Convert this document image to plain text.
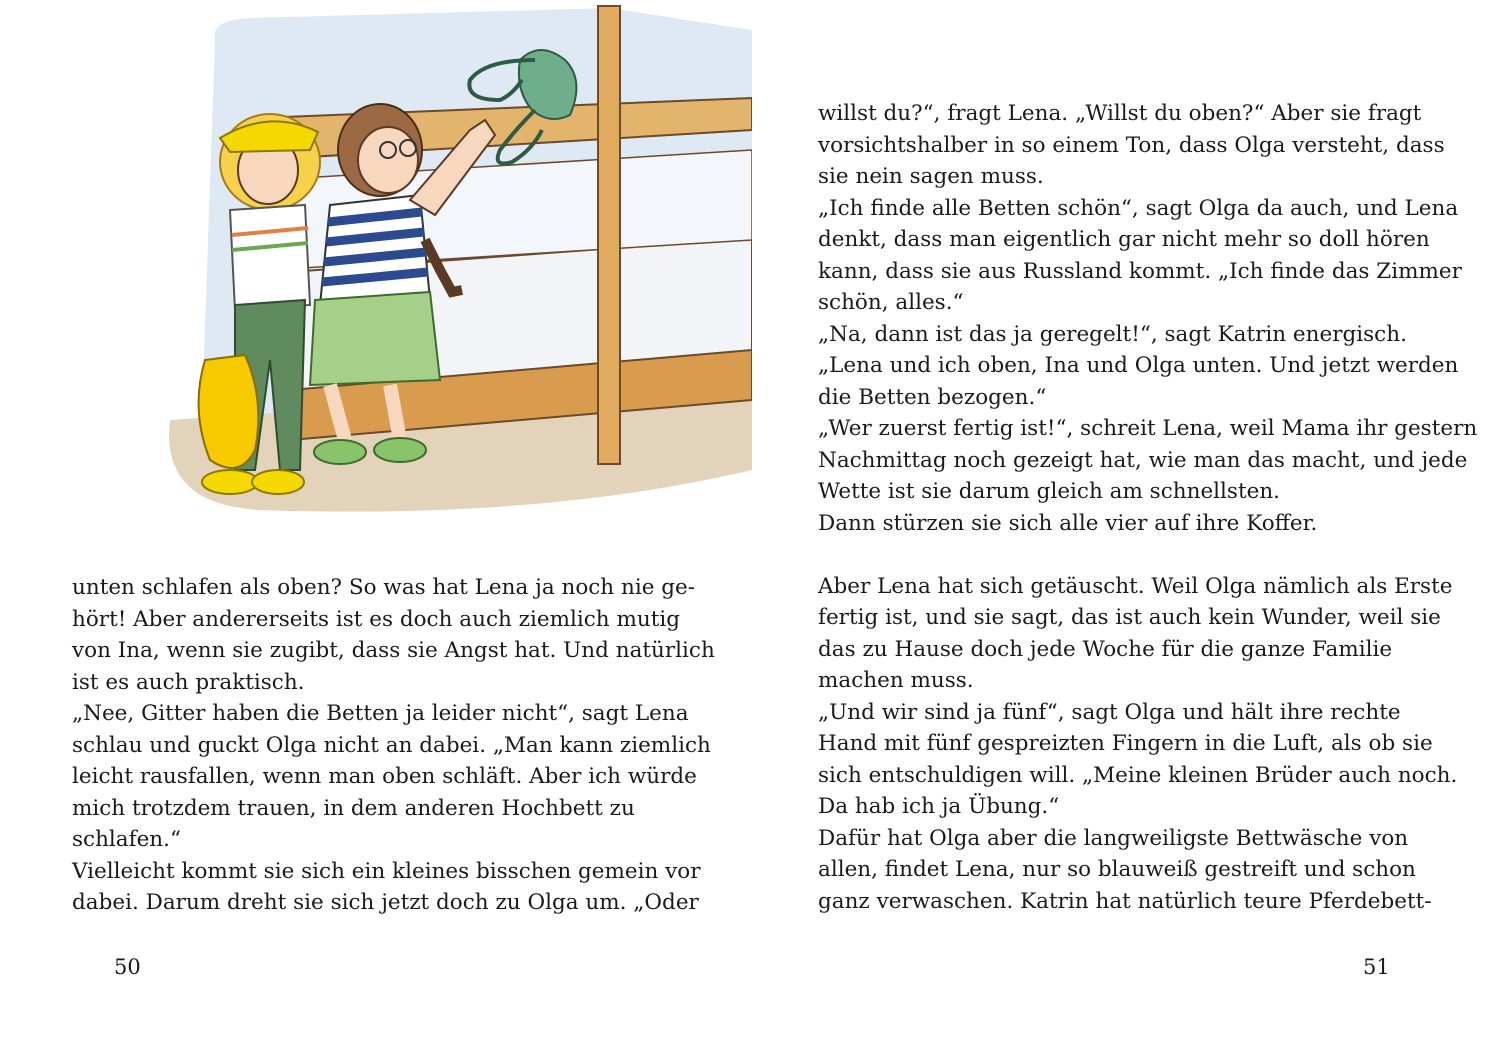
unten schlafen als oben? So was hat Lena ja noch nie ge-
hört! Aber andererseits ist es doch auch ziemlich mutig
von Ina, wenn sie zugibt, dass sie Angst hat. Und natürlich
ist es auch praktisch.
„Nee, Gitter haben die Betten ja leider nicht“, sagt Lena
schlau und guckt Olga nicht an dabei. „Man kann ziemlich
leicht rausfallen, wenn man oben schläft. Aber ich würde
mich trotzdem trauen, in dem anderen Hochbett zu
schlafen.“
Vielleicht kommt sie sich ein kleines bisschen gemein vor
dabei. Darum dreht sie sich jetzt doch zu Olga um. „Oder
50
willst du?“, fragt Lena. „Willst du oben?“ Aber sie fragt
vorsichtshalber in so einem Ton, dass Olga versteht, dass
sie nein sagen muss.
„Ich finde alle Betten schön“, sagt Olga da auch, und Lena
denkt, dass man eigentlich gar nicht mehr so doll hören
kann, dass sie aus Russland kommt. „Ich finde das Zimmer
schön, alles.“
„Na, dann ist das ja geregelt!“, sagt Katrin energisch.
„Lena und ich oben, Ina und Olga unten. Und jetzt werden
die Betten bezogen.“
„Wer zuerst fertig ist!“, schreit Lena, weil Mama ihr gestern
Nachmittag noch gezeigt hat, wie man das macht, und jede
Wette ist sie darum gleich am schnellsten.
Dann stürzen sie sich alle vier auf ihre Koffer.
Aber Lena hat sich getäuscht. Weil Olga nämlich als Erste
fertig ist, und sie sagt, das ist auch kein Wunder, weil sie
das zu Hause doch jede Woche für die ganze Familie
machen muss.
„Und wir sind ja fünf“, sagt Olga und hält ihre rechte
Hand mit fünf gespreizten Fingern in die Luft, als ob sie
sich entschuldigen will. „Meine kleinen Brüder auch noch.
Da hab ich ja Übung.“
Dafür hat Olga aber die langweiligste Bettwäsche von
allen, findet Lena, nur so blauweiß gestreift und schon
ganz verwaschen. Katrin hat natürlich teure Pferdebett-
51
